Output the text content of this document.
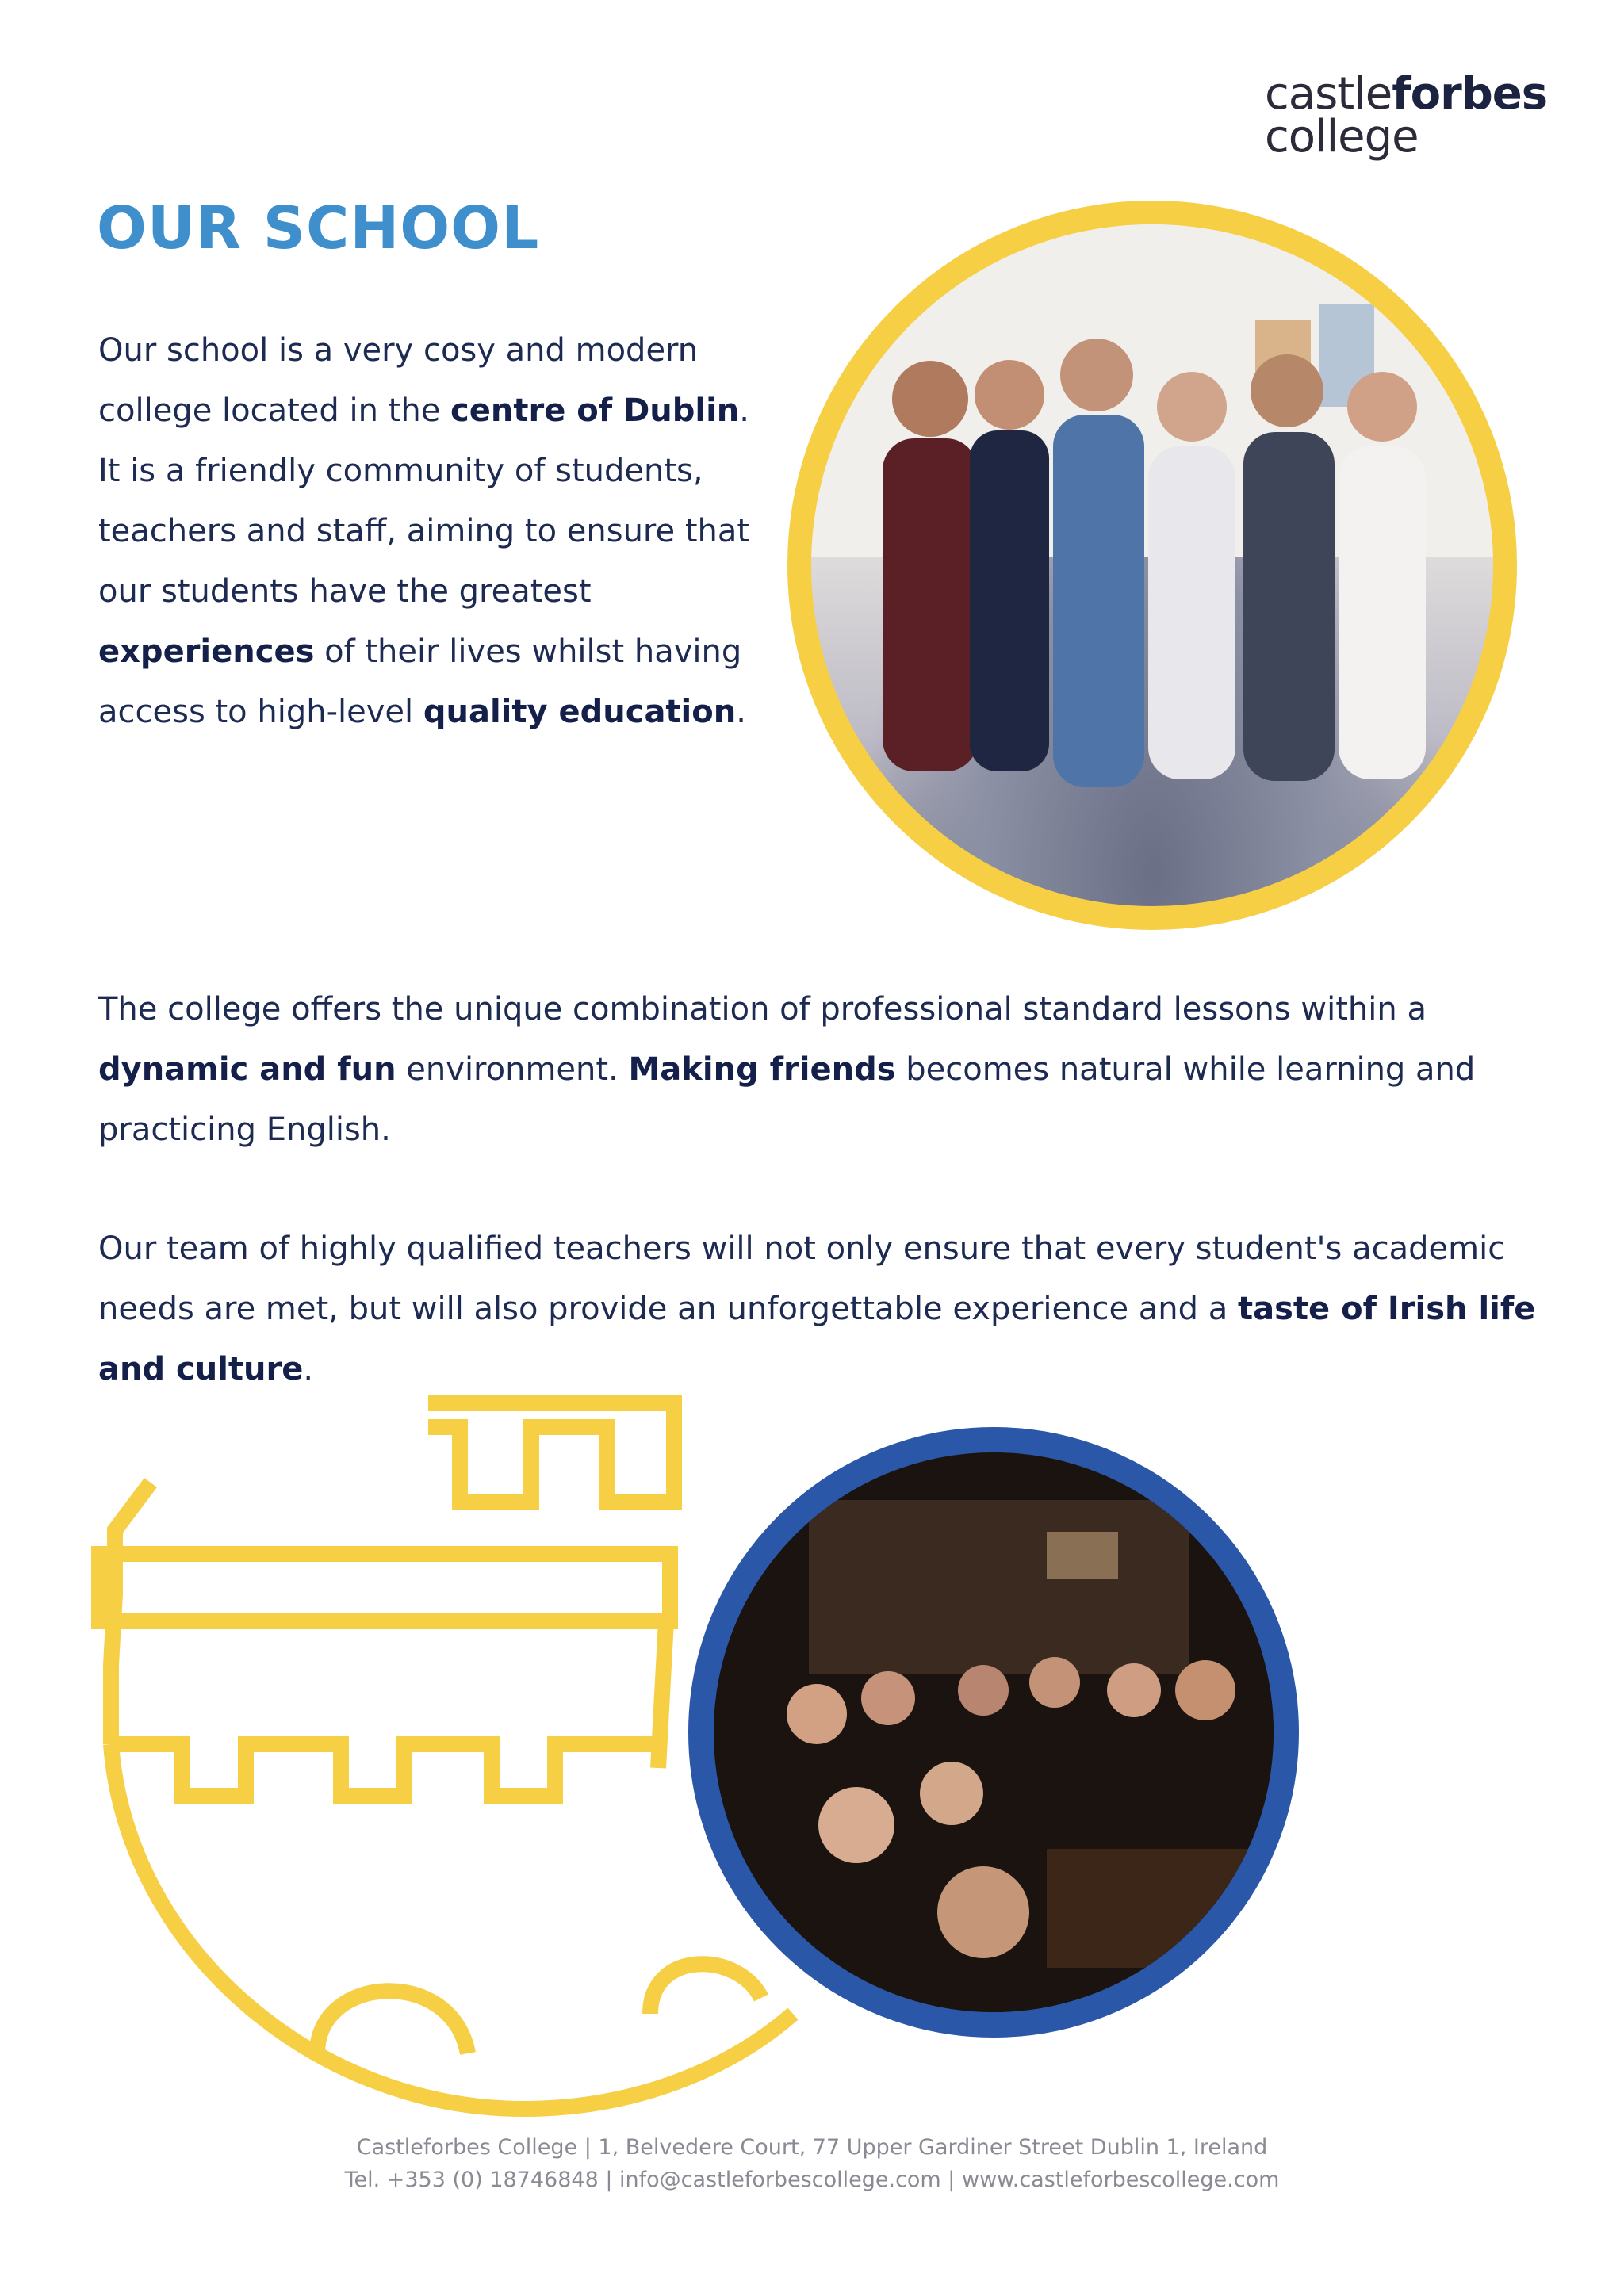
castleforbes
college
OUR SCHOOL

Our school is a very cosy and modern college located in the centre of Dublin.
It is a friendly community of students, teachers and staff, aiming to ensure that our students have the greatest experiences of their lives whilst having access to high-level quality education.

The college offers the unique combination of professional standard lessons within a dynamic and fun environment. Making friends becomes natural while learning and practicing English.

Our team of highly qualified teachers will not only ensure that every student's academic needs are met, but will also provide an unforgettable experience and a taste of Irish life and culture.

Castleforbes College | 1, Belvedere Court, 77 Upper Gardiner Street Dublin 1, Ireland

Tel. +353 (0) 18746848 | info@castleforbescollege.com | www.castleforbescollege.com
